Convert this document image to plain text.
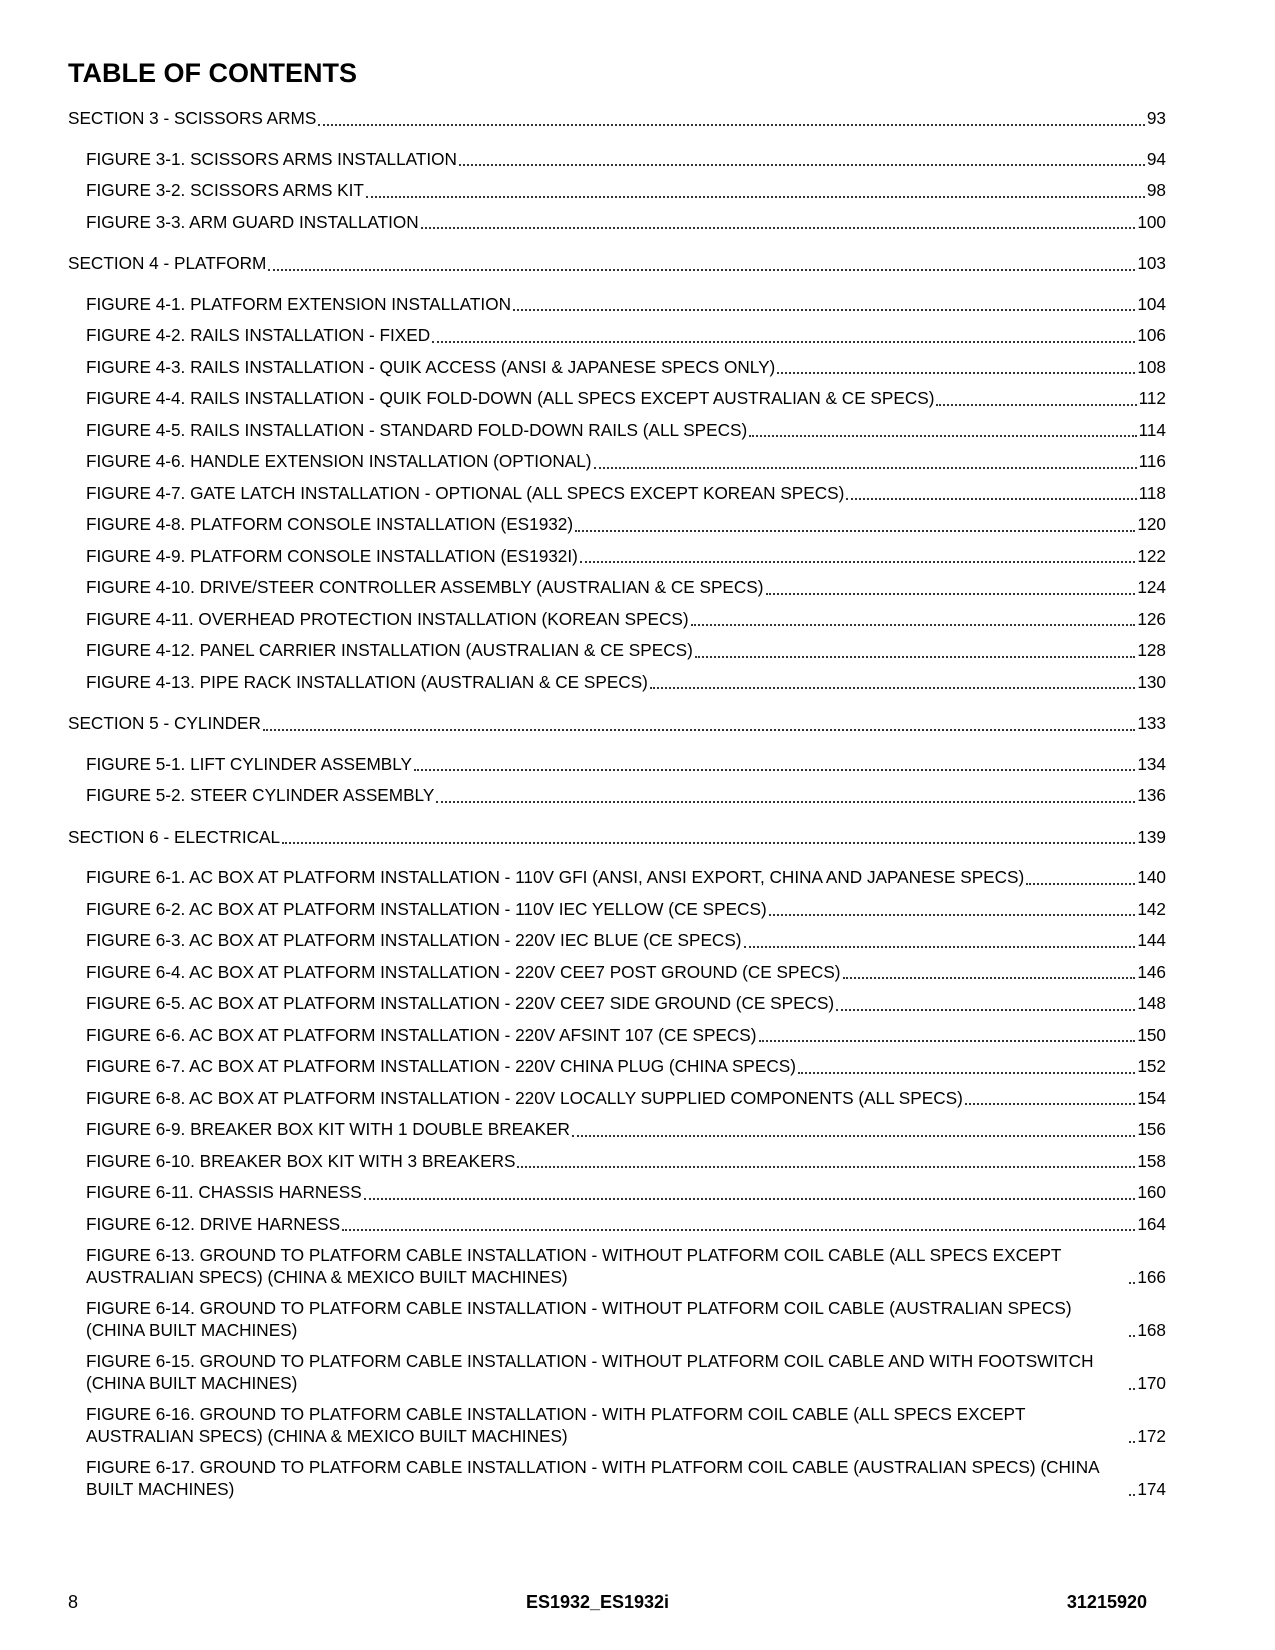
TABLE OF CONTENTS
SECTION 3 - SCISSORS ARMS	93
FIGURE 3-1. SCISSORS ARMS INSTALLATION	94
FIGURE 3-2. SCISSORS ARMS KIT	98
FIGURE 3-3. ARM GUARD INSTALLATION	100
SECTION 4 - PLATFORM	103
FIGURE 4-1. PLATFORM EXTENSION INSTALLATION	104
FIGURE 4-2. RAILS INSTALLATION - FIXED	106
FIGURE 4-3. RAILS INSTALLATION - QUIK ACCESS (ANSI & JAPANESE SPECS ONLY)	108
FIGURE 4-4. RAILS INSTALLATION - QUIK FOLD-DOWN (ALL SPECS EXCEPT AUSTRALIAN & CE SPECS)	112
FIGURE 4-5. RAILS INSTALLATION - STANDARD FOLD-DOWN RAILS (ALL SPECS)	114
FIGURE 4-6. HANDLE EXTENSION INSTALLATION (OPTIONAL)	116
FIGURE 4-7. GATE LATCH INSTALLATION - OPTIONAL (ALL SPECS EXCEPT KOREAN SPECS)	118
FIGURE 4-8. PLATFORM CONSOLE INSTALLATION (ES1932)	120
FIGURE 4-9. PLATFORM CONSOLE INSTALLATION (ES1932I)	122
FIGURE 4-10. DRIVE/STEER CONTROLLER ASSEMBLY (AUSTRALIAN & CE SPECS)	124
FIGURE 4-11. OVERHEAD PROTECTION INSTALLATION (KOREAN SPECS)	126
FIGURE 4-12. PANEL CARRIER INSTALLATION (AUSTRALIAN & CE SPECS)	128
FIGURE 4-13. PIPE RACK INSTALLATION (AUSTRALIAN & CE SPECS)	130
SECTION 5 - CYLINDER	133
FIGURE 5-1. LIFT CYLINDER ASSEMBLY	134
FIGURE 5-2. STEER CYLINDER ASSEMBLY	136
SECTION 6 - ELECTRICAL	139
FIGURE 6-1. AC BOX AT PLATFORM INSTALLATION - 110V GFI (ANSI, ANSI EXPORT, CHINA AND JAPANESE SPECS)	140
FIGURE 6-2. AC BOX AT PLATFORM INSTALLATION - 110V IEC YELLOW (CE SPECS)	142
FIGURE 6-3. AC BOX AT PLATFORM INSTALLATION - 220V IEC BLUE (CE SPECS)	144
FIGURE 6-4. AC BOX AT PLATFORM INSTALLATION - 220V CEE7 POST GROUND (CE SPECS)	146
FIGURE 6-5. AC BOX AT PLATFORM INSTALLATION - 220V CEE7 SIDE GROUND (CE SPECS)	148
FIGURE 6-6. AC BOX AT PLATFORM INSTALLATION - 220V AFSINT 107 (CE SPECS)	150
FIGURE 6-7. AC BOX AT PLATFORM INSTALLATION - 220V CHINA PLUG (CHINA SPECS)	152
FIGURE 6-8. AC BOX AT PLATFORM INSTALLATION - 220V LOCALLY SUPPLIED COMPONENTS (ALL SPECS)	154
FIGURE 6-9. BREAKER BOX KIT WITH 1 DOUBLE BREAKER	156
FIGURE 6-10. BREAKER BOX KIT WITH 3 BREAKERS	158
FIGURE 6-11. CHASSIS HARNESS	160
FIGURE 6-12. DRIVE HARNESS	164
FIGURE 6-13. GROUND TO PLATFORM CABLE INSTALLATION - WITHOUT PLATFORM COIL CABLE (ALL SPECS EXCEPT AUSTRALIAN SPECS) (CHINA & MEXICO BUILT MACHINES)	166
FIGURE 6-14. GROUND TO PLATFORM CABLE INSTALLATION - WITHOUT PLATFORM COIL CABLE (AUSTRALIAN SPECS) (CHINA BUILT MACHINES)	168
FIGURE 6-15. GROUND TO PLATFORM CABLE INSTALLATION - WITHOUT PLATFORM COIL CABLE AND WITH FOOTSWITCH (CHINA BUILT MACHINES)	170
FIGURE 6-16. GROUND TO PLATFORM CABLE INSTALLATION - WITH PLATFORM COIL CABLE (ALL SPECS EXCEPT AUSTRALIAN SPECS) (CHINA & MEXICO BUILT MACHINES)	172
FIGURE 6-17. GROUND TO PLATFORM CABLE INSTALLATION - WITH PLATFORM COIL CABLE (AUSTRALIAN SPECS) (CHINA BUILT MACHINES)	174
8	ES1932_ES1932i	31215920
